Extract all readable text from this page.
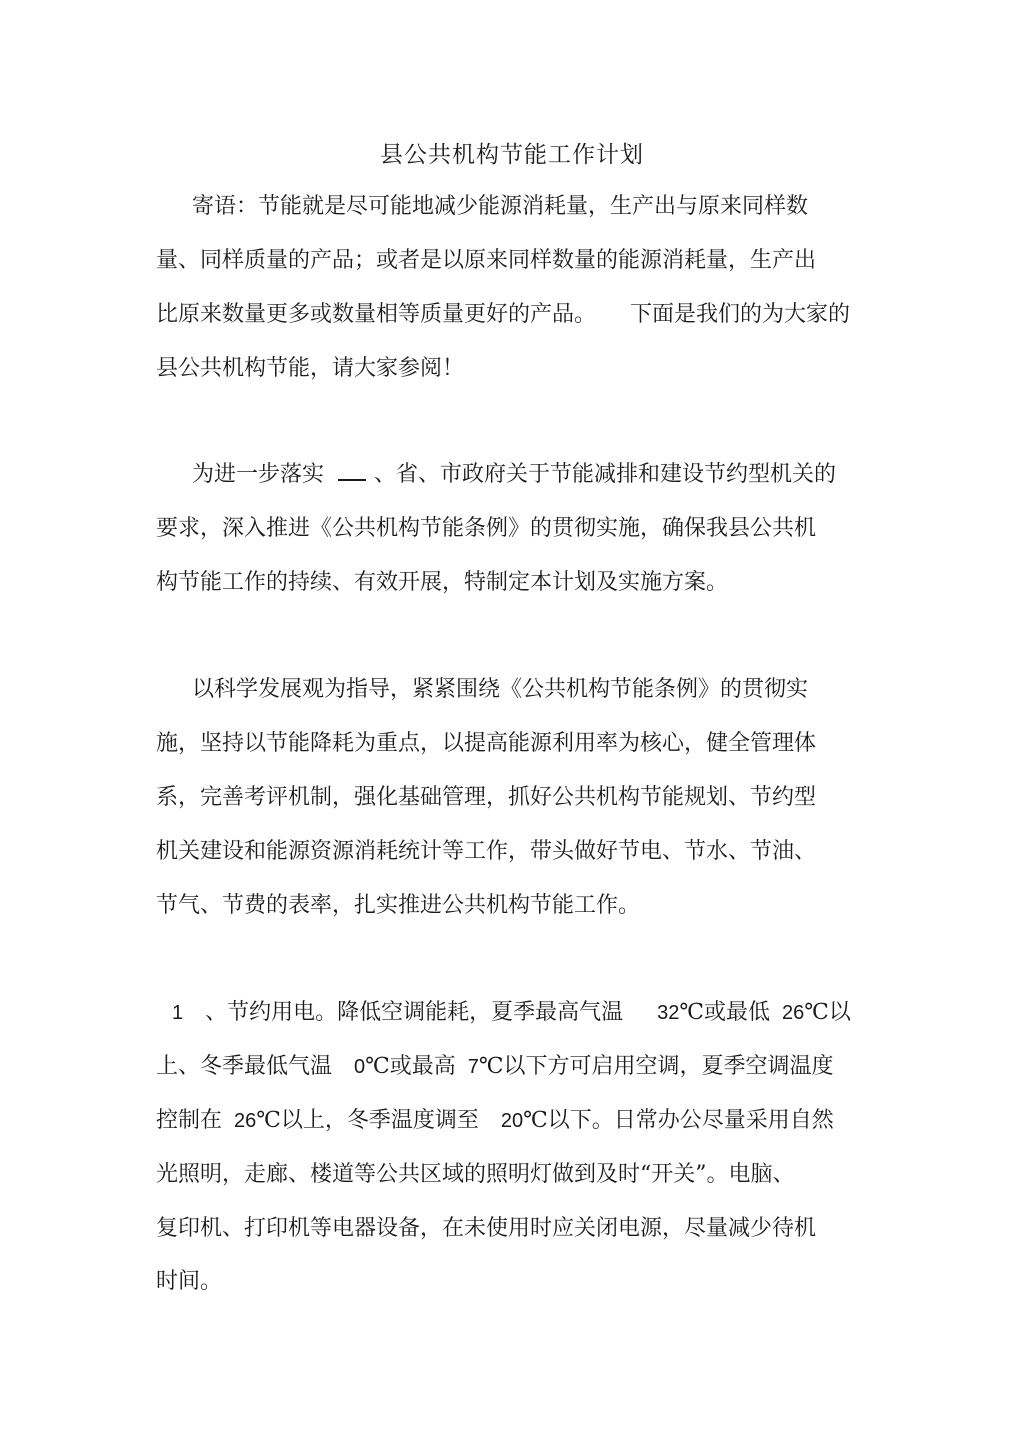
县公共机构节能工作计划
寄语：节能就是尽可能地减少能源消耗量，生产出与原来同样数
量、同样质量的产品；或者是以原来同样数量的能源消耗量，生产出
比原来数量更多或数量相等质量更好的产品。 下面是我们的为大家的
县公共机构节能，请大家参阅！
为进一步落实 、省、市政府关于节能减排和建设节约型机关的
要求，深入推进《公共机构节能条例》的贯彻实施，确保我县公共机
构节能工作的持续、有效开展，特制定本计划及实施方案。
以科学发展观为指导，紧紧围绕《公共机构节能条例》的贯彻实
施，坚持以节能降耗为重点，以提高能源利用率为核心，健全管理体
系，完善考评机制，强化基础管理，抓好公共机构节能规划、节约型
机关建设和能源资源消耗统计等工作，带头做好节电、节水、节油、
节气、节费的表率，扎实推进公共机构节能工作。
1 、节约用电。降低空调能耗，夏季最高气温 32℃或最低 26℃以
上、冬季最低气温 0℃或最高 7℃以下方可启用空调，夏季空调温度
控制在 26℃以上，冬季温度调至 20℃以下。日常办公尽量采用自然
光照明，走廊、楼道等公共区域的照明灯做到及时“开关”。电脑、
复印机、打印机等电器设备，在未使用时应关闭电源，尽量减少待机
时间。
